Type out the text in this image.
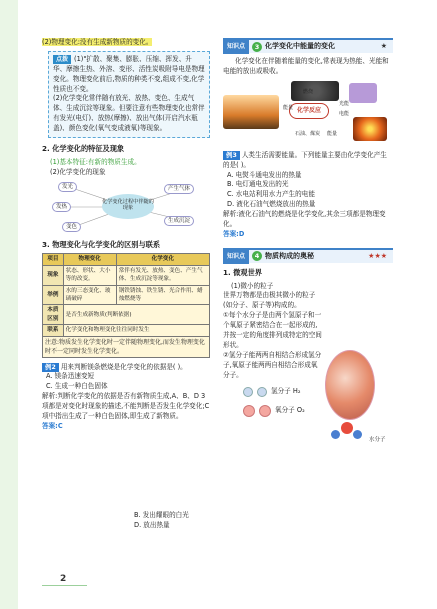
(2)物理变化:没有生成新物质的变化。
点拨 (1)"扩散、聚集、膨胀、压缩、挥发、升华、摩擦生热、外溶、变形、活性炭吸附导电是物理变化。物理变化前后,物质的种类不变,组成不变,化学性质也不变。
(2)化学变化常伴随有放光、放热、变色、生成气体、生成沉淀等现象。但要注意有些物理变化也常伴有发光(电灯)、放热(摩擦)、放出气体(开启汽水瓶盖)、颜色变化(氧气变成液氧)等现象。
2. 化学变化的特征及现象
(1)基本特征:有新的物质生成。
(2)化学变化的现象
化学变化过程中伴随的现象
发光
发热
变色
产生气体
生成沉淀
3. 物理变化与化学变化的区别与联系
项目	物理变化	化学变化
现象	状态、形状、大小等的改变。	常伴有发光、放热、变色、产生气体、生成沉淀等现象。
举例	水的三态变化、玻璃破碎	钢铁锈蚀、铁生锈、光合作用、蜡烛燃烧等
本质区别	是否生成新物质(判断依据)	
联系	化学变化和物理变化往往同时发生	
注意:物质发生化学变化时一定伴随物理变化,而发生物理变化时不一定同时发生化学变化。
例2 用来判断镁条燃烧是化学变化的依据是( )。
A. 镁条迅速变短
C. 生成一种白色固体
解析:判断化学变化的依据是否有新物质生成,A、B、D 3项都是对变化时现象的描述,不能判断是否发生化学变化;C项中指出生成了一种白色固体,即生成了新物质。
答案:C
B. 发出耀眼的白光
D. 放出热量
知识点	3 化学变化中能量的变化	★
化学变化在伴随着能量的变化,常表现为热能、光能和电能的放出或吸收。
化学反应
能量
燃烧
光能
电能
石油、煤炭 能量
例3 人类生活需要能量。下列能量主要由化学变化产生的是( )。
A. 电熨斗通电发出的热量
B. 电灯通电发出的光
C. 水电站利用水力产生的电能
D. 液化石油气燃烧放出的热量
解析:液化石油气的燃烧是化学变化,其余三项都是物理变化。
答案:D
知识点	4 物质构成的奥秘	★★★
1. 微观世界
(1)微小的粒子
世界万物都是由极其微小的粒子(如分子、原子等)构成的。
①每个水分子是由两个氢原子和一个氧原子紧密结合在一起形成的,并按一定的角度排列成特定的空间形状。
②氢分子能两两自相结合形成氢分子,氧原子能两两自相结合形成氧分子。
氢分子 H₂
氧分子 O₂
水分子
2
